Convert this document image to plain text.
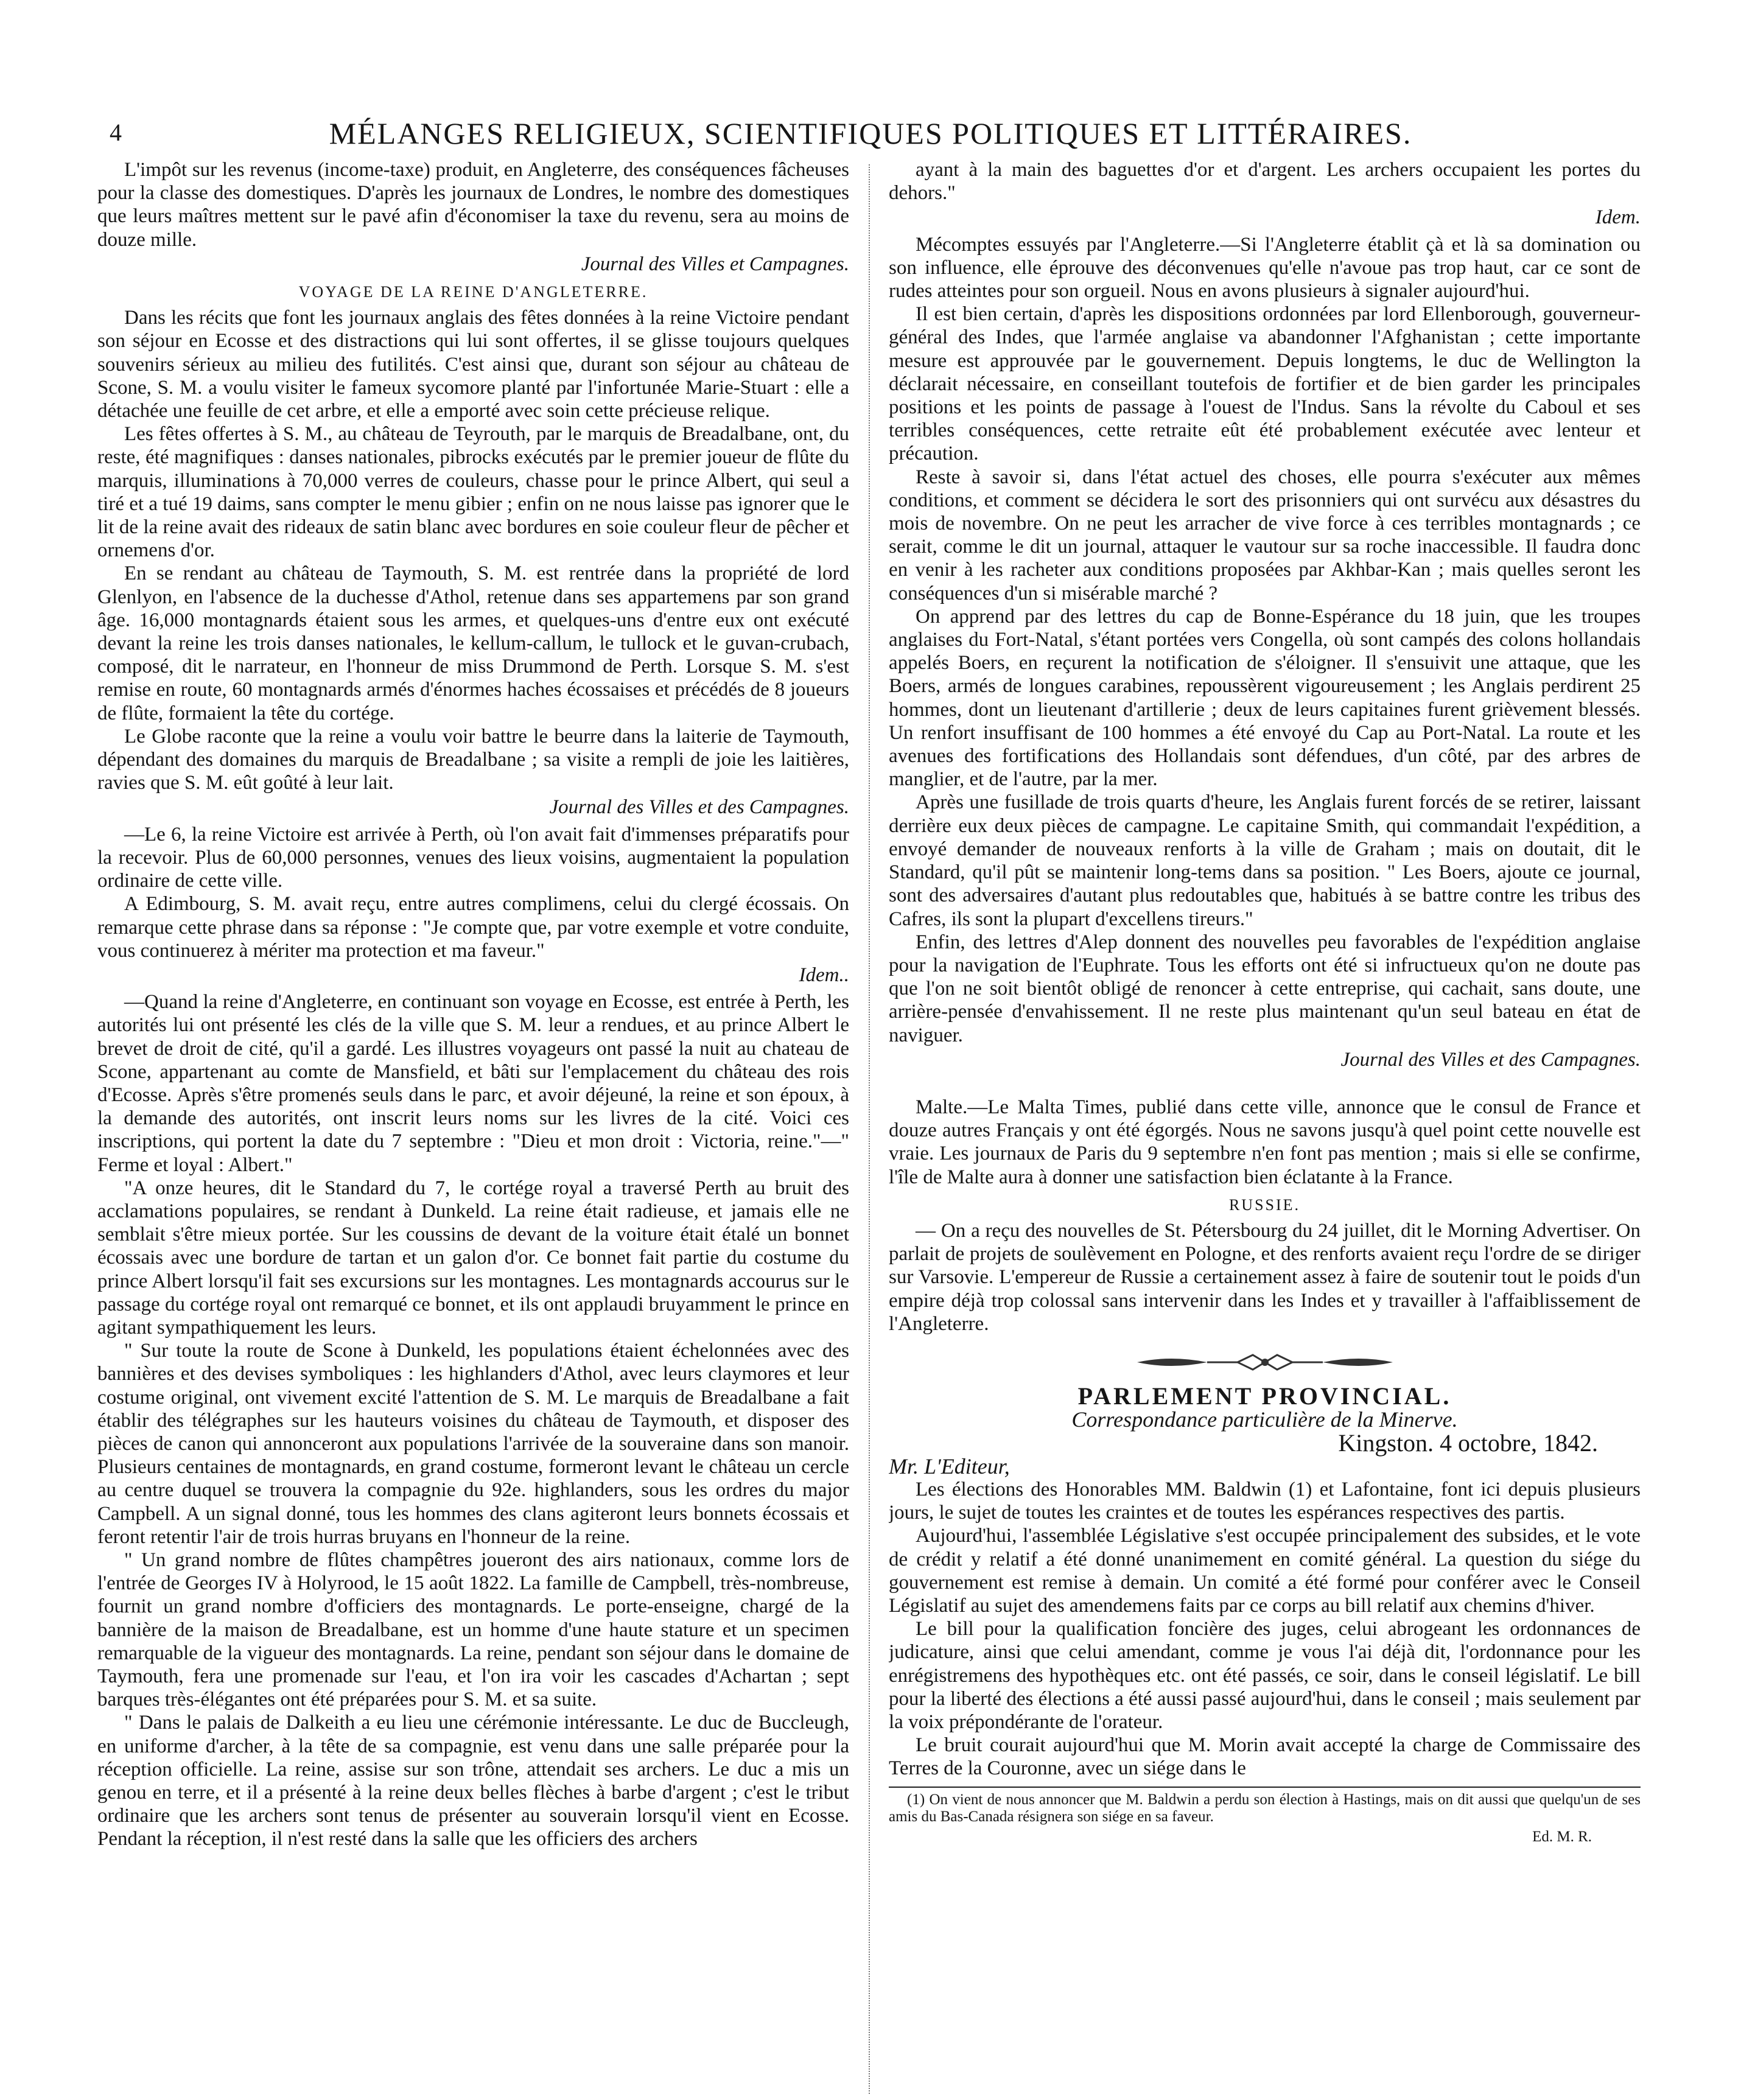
4	MÉLANGES RELIGIEUX, SCIENTIFIQUES POLITIQUES ET LITTÉRAIRES.

L'impôt sur les revenus (income-taxe) produit, en Angleterre, des conséquences fâcheuses pour la classe des domestiques. D'après les journaux de Londres, le nombre des domestiques que leurs maîtres mettent sur le pavé afin d'économiser la taxe du revenu, sera au moins de douze mille.

Journal des Villes et Campagnes.

VOYAGE DE LA REINE D'ANGLETERRE.

Dans les récits que font les journaux anglais des fêtes données à la reine Victoire pendant son séjour en Ecosse et des distractions qui lui sont offertes, il se glisse toujours quelques souvenirs sérieux au milieu des futilités. C'est ainsi que, durant son séjour au château de Scone, S. M. a voulu visiter le fameux sycomore planté par l'infortunée Marie-Stuart : elle a détachée une feuille de cet arbre, et elle a emporté avec soin cette précieuse relique.

Les fêtes offertes à S. M., au château de Teyrouth, par le marquis de Breadalbane, ont, du reste, été magnifiques : danses nationales, pibrocks exécutés par le premier joueur de flûte du marquis, illuminations à 70,000 verres de couleurs, chasse pour le prince Albert, qui seul a tiré et a tué 19 daims, sans compter le menu gibier ; enfin on ne nous laisse pas ignorer que le lit de la reine avait des rideaux de satin blanc avec bordures en soie couleur fleur de pêcher et ornemens d'or.

En se rendant au château de Taymouth, S. M. est rentrée dans la propriété de lord Glenlyon, en l'absence de la duchesse d'Athol, retenue dans ses appartemens par son grand âge. 16,000 montagnards étaient sous les armes, et quelques-uns d'entre eux ont exécuté devant la reine les trois danses nationales, le kellum-callum, le tullock et le guvan-crubach, composé, dit le narrateur, en l'honneur de miss Drummond de Perth. Lorsque S. M. s'est remise en route, 60 montagnards armés d'énormes haches écossaises et précédés de 8 joueurs de flûte, formaient la tête du cortége.

Le Globe raconte que la reine a voulu voir battre le beurre dans la laiterie de Taymouth, dépendant des domaines du marquis de Breadalbane ; sa visite a rempli de joie les laitières, ravies que S. M. eût goûté à leur lait.

Journal des Villes et des Campagnes.

—Le 6, la reine Victoire est arrivée à Perth, où l'on avait fait d'immenses préparatifs pour la recevoir. Plus de 60,000 personnes, venues des lieux voisins, augmentaient la population ordinaire de cette ville.

A Edimbourg, S. M. avait reçu, entre autres complimens, celui du clergé écossais. On remarque cette phrase dans sa réponse : "Je compte que, par votre exemple et votre conduite, vous continuerez à mériter ma protection et ma faveur."

Idem..

—Quand la reine d'Angleterre, en continuant son voyage en Ecosse, est entrée à Perth, les autorités lui ont présenté les clés de la ville que S. M. leur a rendues, et au prince Albert le brevet de droit de cité, qu'il a gardé. Les illustres voyageurs ont passé la nuit au chateau de Scone, appartenant au comte de Mansfield, et bâti sur l'emplacement du château des rois d'Ecosse. Après s'être promenés seuls dans le parc, et avoir déjeuné, la reine et son époux, à la demande des autorités, ont inscrit leurs noms sur les livres de la cité. Voici ces inscriptions, qui portent la date du 7 septembre : "Dieu et mon droit : Victoria, reine."—" Ferme et loyal : Albert."

"A onze heures, dit le Standard du 7, le cortége royal a traversé Perth au bruit des acclamations populaires, se rendant à Dunkeld. La reine était radieuse, et jamais elle ne semblait s'être mieux portée. Sur les coussins de devant de la voiture était étalé un bonnet écossais avec une bordure de tartan et un galon d'or. Ce bonnet fait partie du costume du prince Albert lorsqu'il fait ses excursions sur les montagnes. Les montagnards accourus sur le passage du cortége royal ont remarqué ce bonnet, et ils ont applaudi bruyamment le prince en agitant sympathiquement les leurs.

" Sur toute la route de Scone à Dunkeld, les populations étaient échelonnées avec des bannières et des devises symboliques : les highlanders d'Athol, avec leurs claymores et leur costume original, ont vivement excité l'attention de S. M. Le marquis de Breadalbane a fait établir des télégraphes sur les hauteurs voisines du château de Taymouth, et disposer des pièces de canon qui annonceront aux populations l'arrivée de la souveraine dans son manoir. Plusieurs centaines de montagnards, en grand costume, formeront levant le château un cercle au centre duquel se trouvera la compagnie du 92e. highlanders, sous les ordres du major Campbell. A un signal donné, tous les hommes des clans agiteront leurs bonnets écossais et feront retentir l'air de trois hurras bruyans en l'honneur de la reine.

" Un grand nombre de flûtes champêtres joueront des airs nationaux, comme lors de l'entrée de Georges IV à Holyrood, le 15 août 1822. La famille de Campbell, très-nombreuse, fournit un grand nombre d'officiers des montagnards. Le porte-enseigne, chargé de la bannière de la maison de Breadalbane, est un homme d'une haute stature et un specimen remarquable de la vigueur des montagnards. La reine, pendant son séjour dans le domaine de Taymouth, fera une promenade sur l'eau, et l'on ira voir les cascades d'Achartan ; sept barques très-élégantes ont été préparées pour S. M. et sa suite.

" Dans le palais de Dalkeith a eu lieu une cérémonie intéressante. Le duc de Buccleugh, en uniforme d'archer, à la tête de sa compagnie, est venu dans une salle préparée pour la réception officielle. La reine, assise sur son trône, attendait ses archers. Le duc a mis un genou en terre, et il a présenté à la reine deux belles flèches à barbe d'argent ; c'est le tribut ordinaire que les archers sont tenus de présenter au souverain lorsqu'il vient en Ecosse. Pendant la réception, il n'est resté dans la salle que les officiers des archers

ayant à la main des baguettes d'or et d'argent. Les archers occupaient les portes du dehors."

Idem.

Mécomptes essuyés par l'Angleterre.—Si l'Angleterre établit çà et là sa domination ou son influence, elle éprouve des déconvenues qu'elle n'avoue pas trop haut, car ce sont de rudes atteintes pour son orgueil. Nous en avons plusieurs à signaler aujourd'hui.

Il est bien certain, d'après les dispositions ordonnées par lord Ellenborough, gouverneur-général des Indes, que l'armée anglaise va abandonner l'Afghanistan ; cette importante mesure est approuvée par le gouvernement. Depuis longtems, le duc de Wellington la déclarait nécessaire, en conseillant toutefois de fortifier et de bien garder les principales positions et les points de passage à l'ouest de l'Indus. Sans la révolte du Caboul et ses terribles conséquences, cette retraite eût été probablement exécutée avec lenteur et précaution.

Reste à savoir si, dans l'état actuel des choses, elle pourra s'exécuter aux mêmes conditions, et comment se décidera le sort des prisonniers qui ont survécu aux désastres du mois de novembre. On ne peut les arracher de vive force à ces terribles montagnards ; ce serait, comme le dit un journal, attaquer le vautour sur sa roche inaccessible. Il faudra donc en venir à les racheter aux conditions proposées par Akhbar-Kan ; mais quelles seront les conséquences d'un si misérable marché ?

On apprend par des lettres du cap de Bonne-Espérance du 18 juin, que les troupes anglaises du Fort-Natal, s'étant portées vers Congella, où sont campés des colons hollandais appelés Boers, en reçurent la notification de s'éloigner. Il s'ensuivit une attaque, que les Boers, armés de longues carabines, repoussèrent vigoureusement ; les Anglais perdirent 25 hommes, dont un lieutenant d'artillerie ; deux de leurs capitaines furent grièvement blessés. Un renfort insuffisant de 100 hommes a été envoyé du Cap au Port-Natal. La route et les avenues des fortifications des Hollandais sont défendues, d'un côté, par des arbres de manglier, et de l'autre, par la mer.

Après une fusillade de trois quarts d'heure, les Anglais furent forcés de se retirer, laissant derrière eux deux pièces de campagne. Le capitaine Smith, qui commandait l'expédition, a envoyé demander de nouveaux renforts à la ville de Graham ; mais on doutait, dit le Standard, qu'il pût se maintenir long-tems dans sa position. " Les Boers, ajoute ce journal, sont des adversaires d'autant plus redoutables que, habitués à se battre contre les tribus des Cafres, ils sont la plupart d'excellens tireurs."

Enfin, des lettres d'Alep donnent des nouvelles peu favorables de l'expédition anglaise pour la navigation de l'Euphrate. Tous les efforts ont été si infructueux qu'on ne doute pas que l'on ne soit bientôt obligé de renoncer à cette entreprise, qui cachait, sans doute, une arrière-pensée d'envahissement. Il ne reste plus maintenant qu'un seul bateau en état de naviguer.

Journal des Villes et des Campagnes.

Malte.—Le Malta Times, publié dans cette ville, annonce que le consul de France et douze autres Français y ont été égorgés. Nous ne savons jusqu'à quel point cette nouvelle est vraie. Les journaux de Paris du 9 septembre n'en font pas mention ; mais si elle se confirme, l'île de Malte aura à donner une satisfaction bien éclatante à la France.

RUSSIE.

— On a reçu des nouvelles de St. Pétersbourg du 24 juillet, dit le Morning Advertiser. On parlait de projets de soulèvement en Pologne, et des renforts avaient reçu l'ordre de se diriger sur Varsovie. L'empereur de Russie a certainement assez à faire de soutenir tout le poids d'un empire déjà trop colossal sans intervenir dans les Indes et y travailler à l'affaiblissement de l'Angleterre.

PARLEMENT PROVINCIAL.

Correspondance particulière de la Minerve.

Kingston. 4 octobre, 1842.

Mr. L'Editeur,

Les élections des Honorables MM. Baldwin (1) et Lafontaine, font ici depuis plusieurs jours, le sujet de toutes les craintes et de toutes les espérances respectives des partis.

Aujourd'hui, l'assemblée Législative s'est occupée principalement des subsides, et le vote de crédit y relatif a été donné unanimement en comité général. La question du siége du gouvernement est remise à demain. Un comité a été formé pour conférer avec le Conseil Législatif au sujet des amendemens faits par ce corps au bill relatif aux chemins d'hiver.

Le bill pour la qualification foncière des juges, celui abrogeant les ordonnances de judicature, ainsi que celui amendant, comme je vous l'ai déjà dit, l'ordonnance pour les enrégistremens des hypothèques etc. ont été passés, ce soir, dans le conseil législatif. Le bill pour la liberté des élections a été aussi passé aujourd'hui, dans le conseil ; mais seulement par la voix prépondérante de l'orateur.

Le bruit courait aujourd'hui que M. Morin avait accepté la charge de Commissaire des Terres de la Couronne, avec un siége dans le

(1) On vient de nous annoncer que M. Baldwin a perdu son élection à Hastings, mais on dit aussi que quelqu'un de ses amis du Bas-Canada résignera son siége en sa faveur.

Ed. M. R.
